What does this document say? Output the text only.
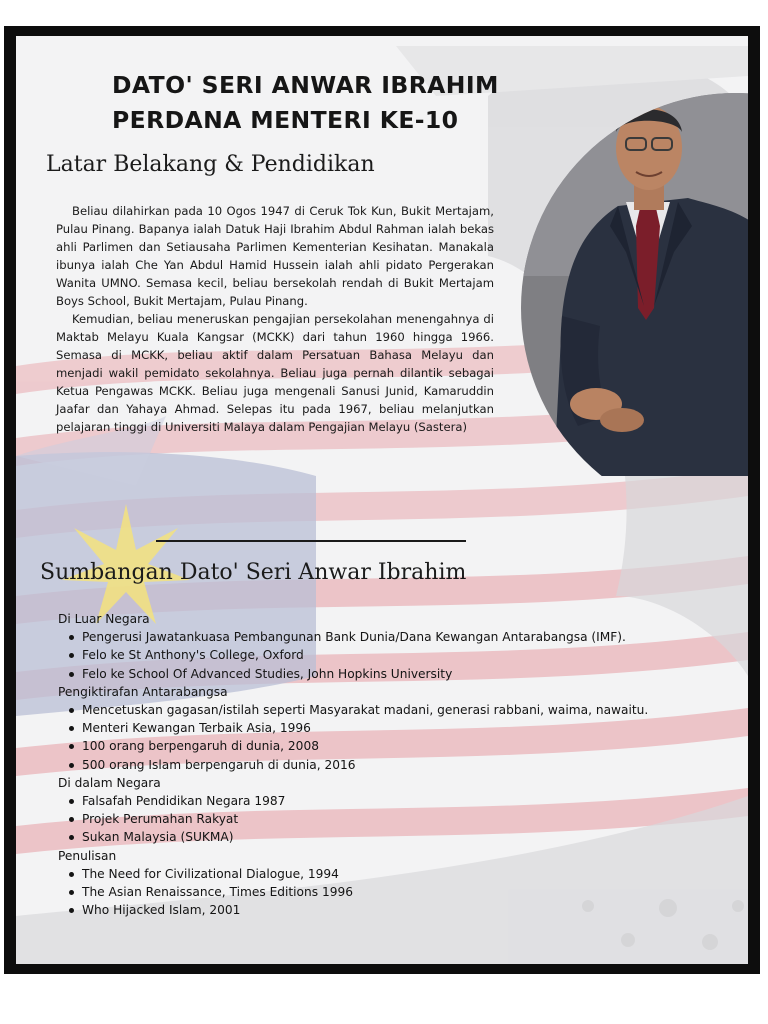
DATO' SERI ANWAR IBRAHIM
PERDANA MENTERI KE-10
Latar Belakang & Pendidikan

Beliau dilahirkan pada 10 Ogos 1947 di Ceruk Tok Kun, Bukit Mertajam, Pulau Pinang. Bapanya ialah Datuk Haji Ibrahim Abdul Rahman ialah bekas ahli Parlimen dan Setiausaha Parlimen Kementerian Kesihatan. Manakala ibunya ialah Che Yan Abdul Hamid Hussein ialah ahli pidato Pergerakan Wanita UMNO. Semasa kecil, beliau bersekolah rendah di Bukit Mertajam Boys School, Bukit Mertajam, Pulau Pinang.

Kemudian, beliau meneruskan pengajian persekolahan menengahnya di Maktab Melayu Kuala Kangsar (MCKK) dari tahun 1960 hingga 1966. Semasa di MCKK, beliau aktif dalam Persatuan Bahasa Melayu dan menjadi wakil pemidato sekolahnya. Beliau juga pernah dilantik sebagai Ketua Pengawas MCKK. Beliau juga mengenali Sanusi Junid, Kamaruddin Jaafar dan Yahaya Ahmad. Selepas itu pada 1967, beliau melanjutkan pelajaran tinggi di Universiti Malaya dalam Pengajian Melayu (Sastera)

Sumbangan Dato' Seri Anwar Ibrahim

Di Luar Negara

Pengerusi Jawatankuasa Pembangunan Bank Dunia/Dana Kewangan Antarabangsa (IMF).
Felo ke St Anthony's College, Oxford
Felo ke School Of Advanced Studies, John Hopkins University

Pengiktirafan Antarabangsa

Mencetuskan gagasan/istilah seperti Masyarakat madani, generasi rabbani, waima, nawaitu.
Menteri Kewangan Terbaik Asia, 1996
100 orang berpengaruh di dunia, 2008
500 orang Islam berpengaruh di dunia, 2016

Di dalam Negara

Falsafah Pendidikan Negara 1987
Projek Perumahan Rakyat
Sukan Malaysia (SUKMA)

Penulisan

The Need for Civilizational Dialogue, 1994
The Asian Renaissance, Times Editions 1996
Who Hijacked Islam, 2001
